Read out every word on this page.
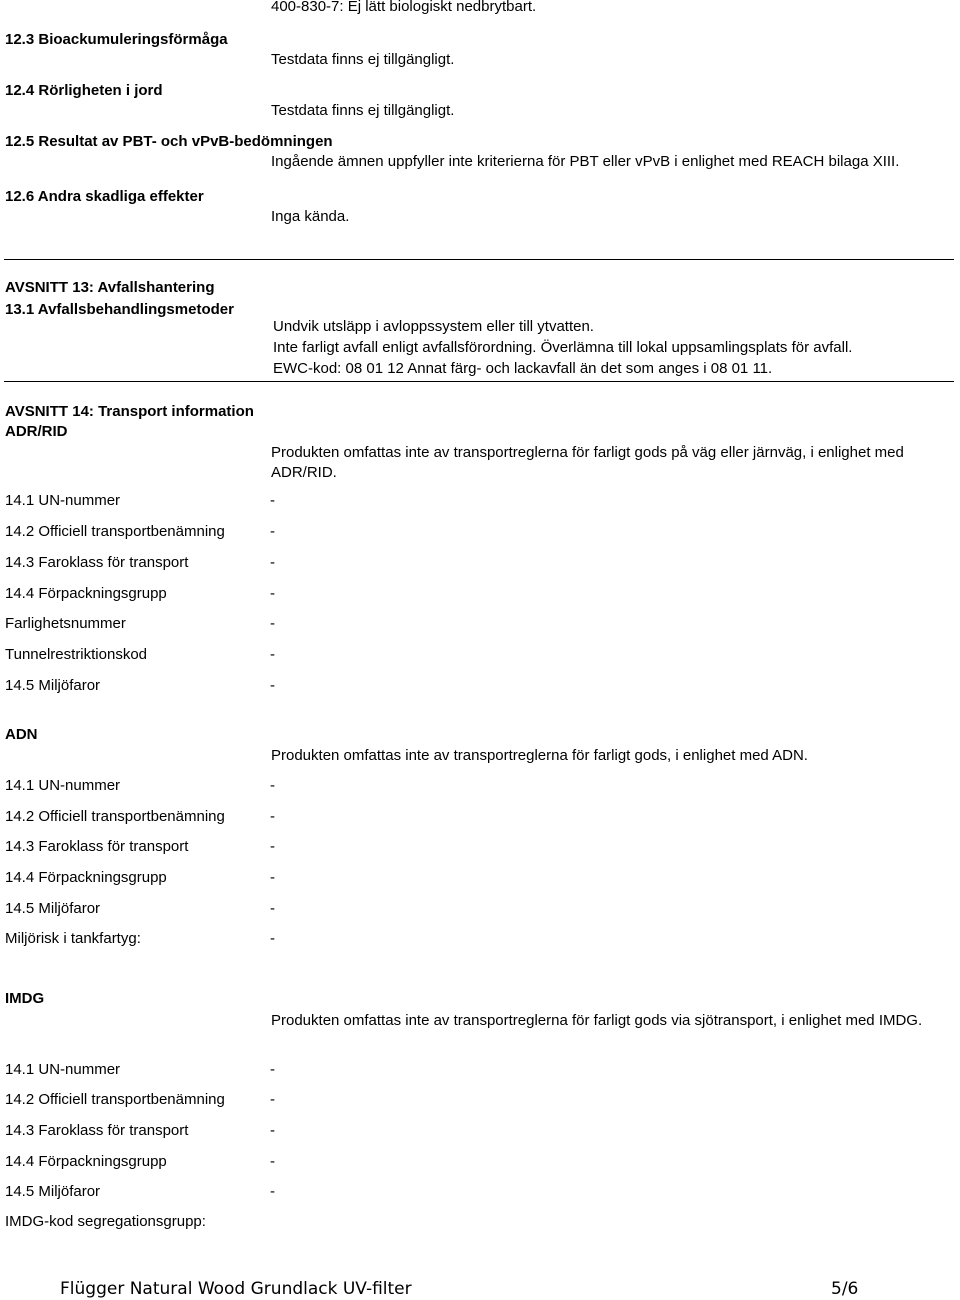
400-830-7: Ej lätt biologiskt nedbrytbart.
12.3 Bioackumuleringsförmåga
Testdata finns ej tillgängligt.
12.4 Rörligheten i jord
Testdata finns ej tillgängligt.
12.5 Resultat av PBT- och vPvB-bedömningen
Ingående ämnen uppfyller inte kriterierna för PBT eller vPvB i enlighet med REACH bilaga XIII.
12.6 Andra skadliga effekter
Inga kända.
AVSNITT 13: Avfallshantering
13.1 Avfallsbehandlingsmetoder
Undvik utsläpp i avloppssystem eller till ytvatten.
Inte farligt avfall enligt avfallsförordning. Överlämna till lokal uppsamlingsplats för avfall.
EWC-kod: 08 01 12 Annat färg- och lackavfall än det som anges i 08 01 11.
AVSNITT 14: Transport information
ADR/RID
Produkten omfattas inte av transportreglerna för farligt gods på väg eller järnväg, i enlighet med ADR/RID.
14.1 UN-nummer	-
14.2 Officiell transportbenämning	-
14.3 Faroklass för transport	-
14.4 Förpackningsgrupp	-
Farlighetsnummer	-
Tunnelrestriktionskod	-
14.5 Miljöfaror	-
ADN
Produkten omfattas inte av transportreglerna för farligt gods, i enlighet med ADN.
14.1 UN-nummer	-
14.2 Officiell transportbenämning	-
14.3 Faroklass för transport	-
14.4 Förpackningsgrupp	-
14.5 Miljöfaror	-
Miljörisk i tankfartyg:	-
IMDG
Produkten omfattas inte av transportreglerna för farligt gods via sjötransport, i enlighet med IMDG.
14.1 UN-nummer	-
14.2 Officiell transportbenämning	-
14.3 Faroklass för transport	-
14.4 Förpackningsgrupp	-
14.5 Miljöfaror	-
IMDG-kod segregationsgrupp:
Flügger Natural Wood Grundlack UV-filter	5/6
